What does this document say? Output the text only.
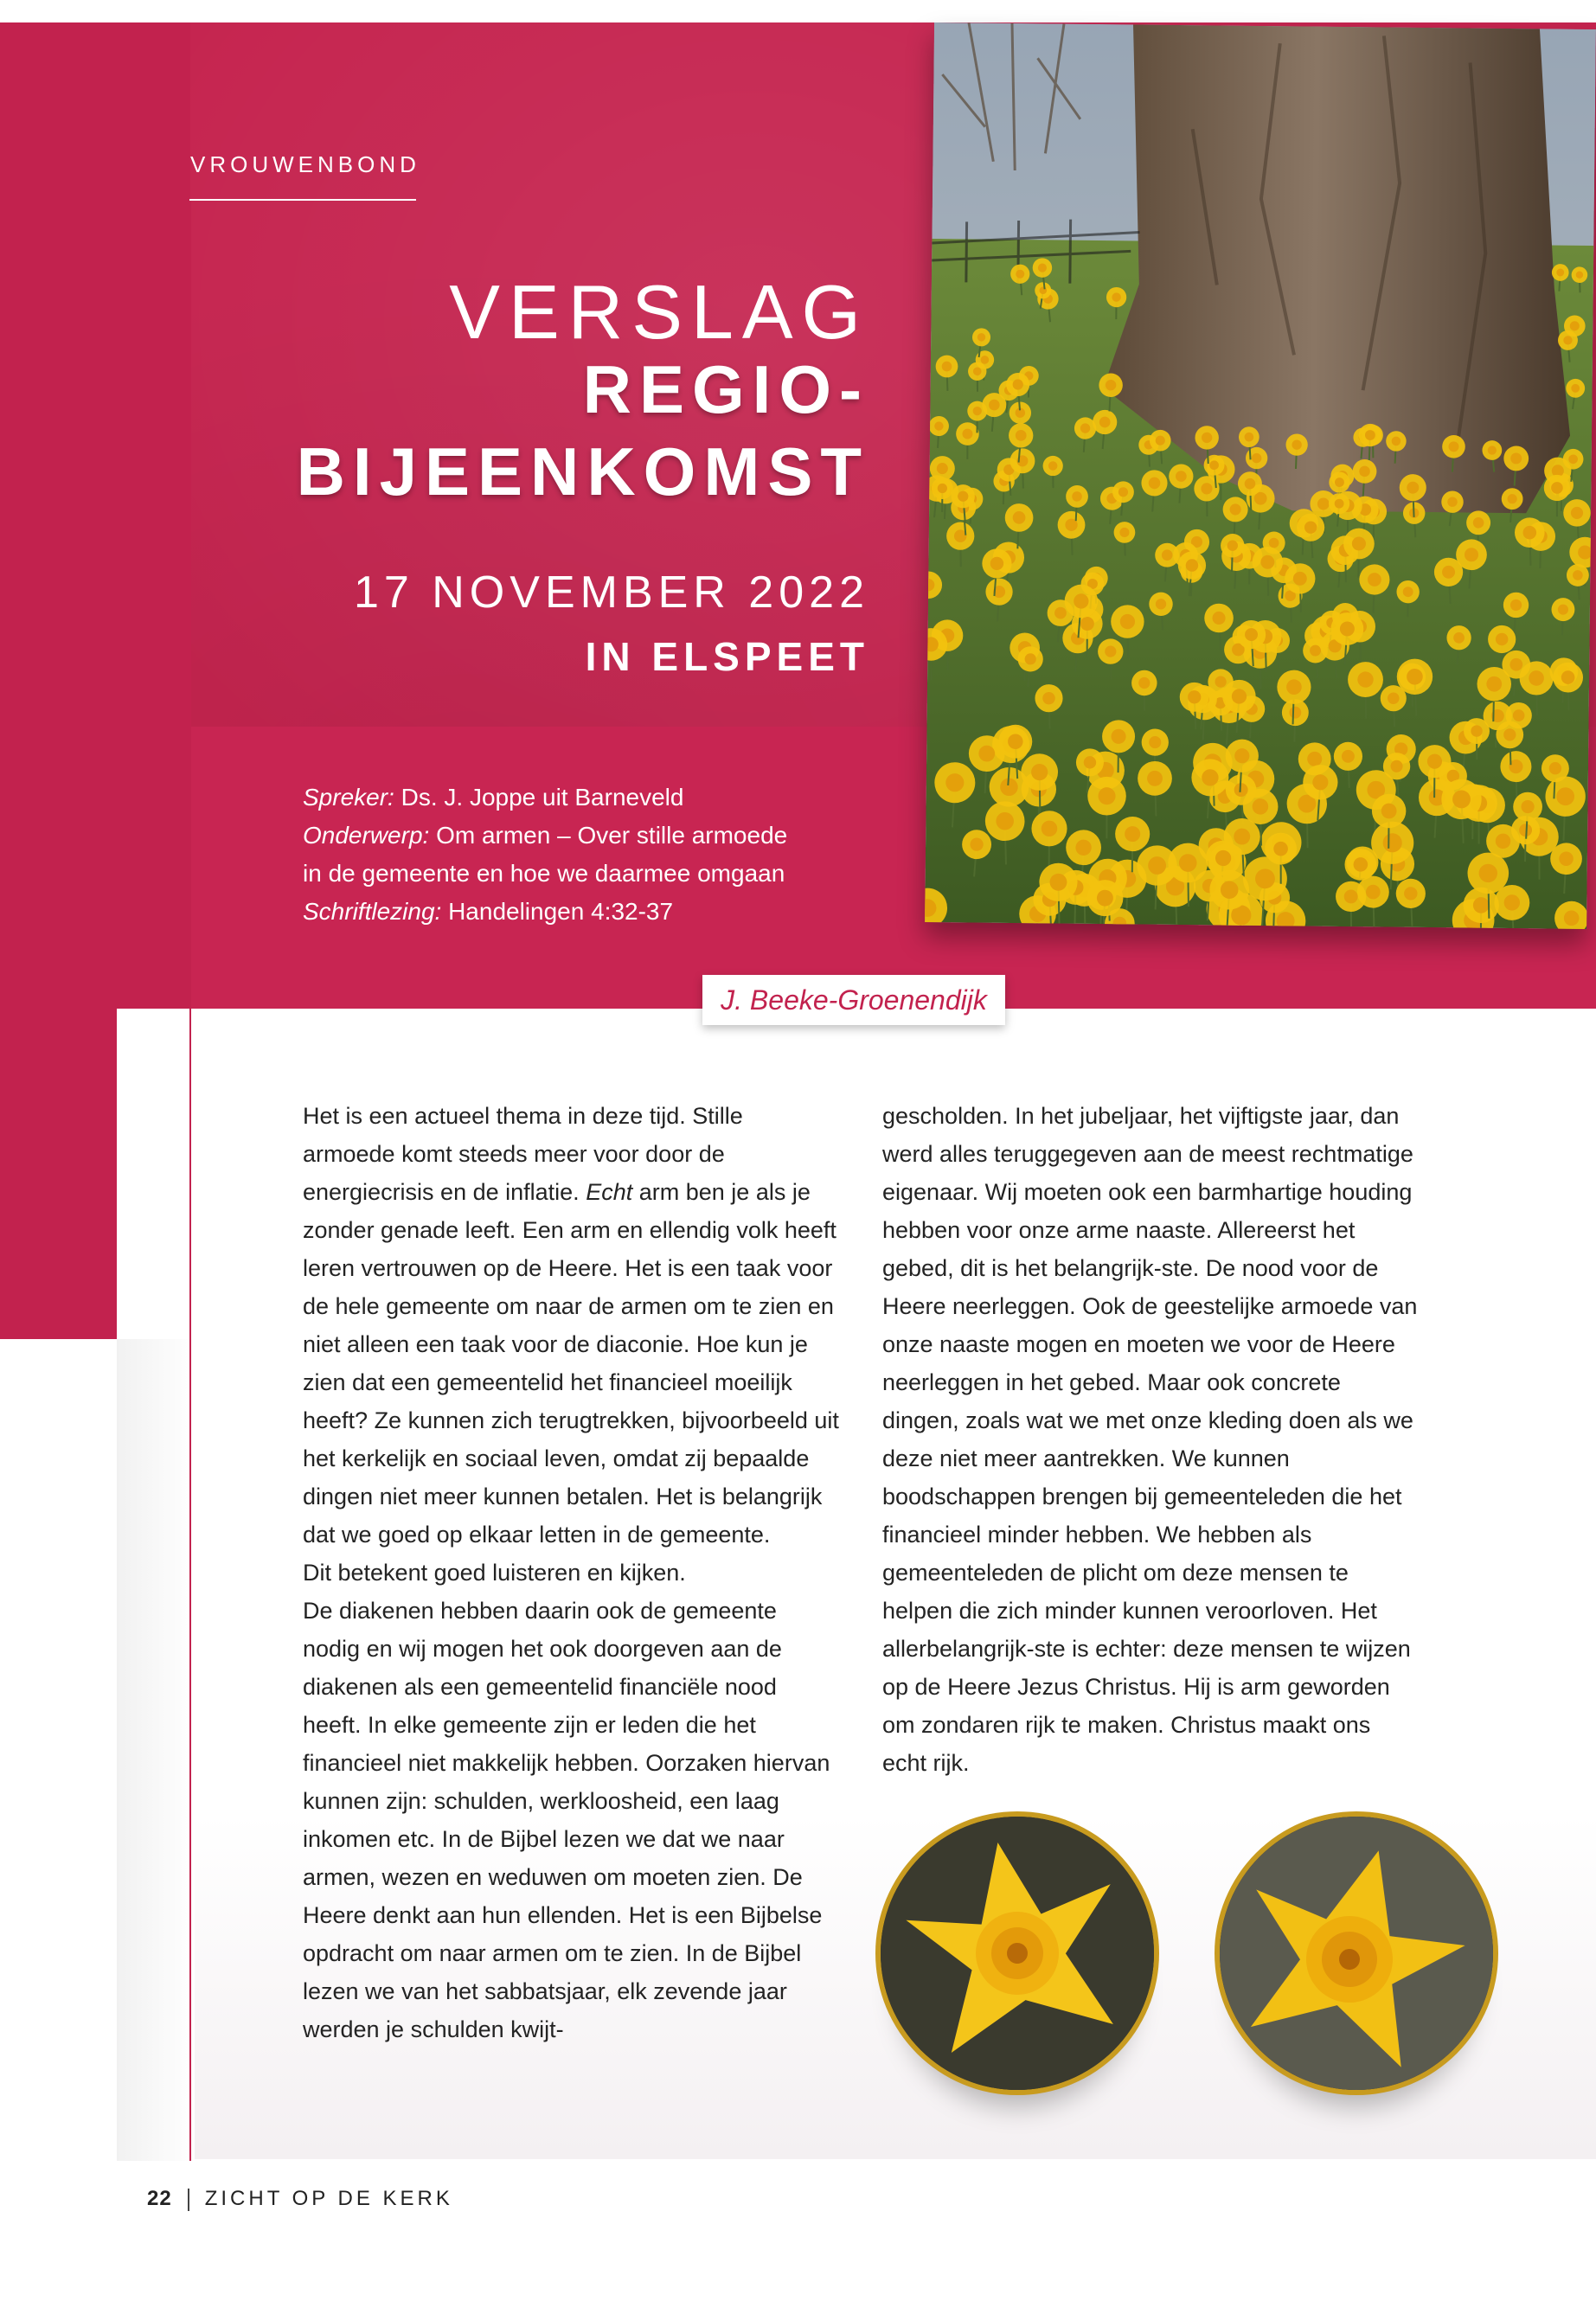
VROUWENBOND
VERSLAG
REGIO-
BIJEENKOMST
17 NOVEMBER 2022
IN ELSPEET
Spreker: Ds. J. Joppe uit Barneveld
Onderwerp: Om armen – Over stille armoede
in de gemeente en hoe we daarmee omgaan
Schriftlezing: Handelingen 4:32-37
J. Beeke-Groenendijk

Het is een actueel thema in deze tijd. Stille armoede komt steeds meer voor door de energiecrisis en de inflatie. Echt arm ben je als je zonder genade leeft. Een arm en ellendig volk heeft leren vertrouwen op de Heere. Het is een taak voor de hele gemeente om naar de armen om te zien en niet alleen een taak voor de diaconie. Hoe kun je zien dat een gemeentelid het financieel moeilijk heeft? Ze kunnen zich terugtrekken, bijvoorbeeld uit het kerkelijk en sociaal leven, omdat zij bepaalde dingen niet meer kunnen betalen. Het is belangrijk dat we goed op elkaar letten in de gemeente.

Dit betekent goed luisteren en kijken.

De diakenen hebben daarin ook de gemeente nodig en wij mogen het ook doorgeven aan de diakenen als een gemeentelid financiële nood heeft. In elke gemeente zijn er leden die het financieel niet makkelijk hebben. Oorzaken hiervan kunnen zijn: schulden, werkloosheid, een laag inkomen etc. In de Bijbel lezen we dat we naar armen, wezen en weduwen om moeten zien. De Heere denkt aan hun ellenden. Het is een Bijbelse opdracht om naar armen om te zien. In de Bijbel lezen we van het sabbatsjaar, elk zevende jaar werden je schulden kwijt-

gescholden. In het jubeljaar, het vijftigste jaar, dan werd alles teruggegeven aan de meest rechtmatige eigenaar. Wij moeten ook een barmhartige houding hebben voor onze arme naaste. Allereerst het gebed, dit is het belangrijk-ste. De nood voor de Heere neerleggen. Ook de geestelijke armoede van onze naaste mogen en moeten we voor de Heere neerleggen in het gebed. Maar ook concrete dingen, zoals wat we met onze kleding doen als we deze niet meer aantrekken. We kunnen boodschappen brengen bij gemeenteleden die het financieel minder hebben. We hebben als gemeenteleden de plicht om deze mensen te helpen die zich minder kunnen veroorloven. Het allerbelangrijk-ste is echter: deze mensen te wijzen op de Heere Jezus Christus. Hij is arm geworden om zondaren rijk te maken. Christus maakt ons echt rijk.

22 ZICHT OP DE KERK
